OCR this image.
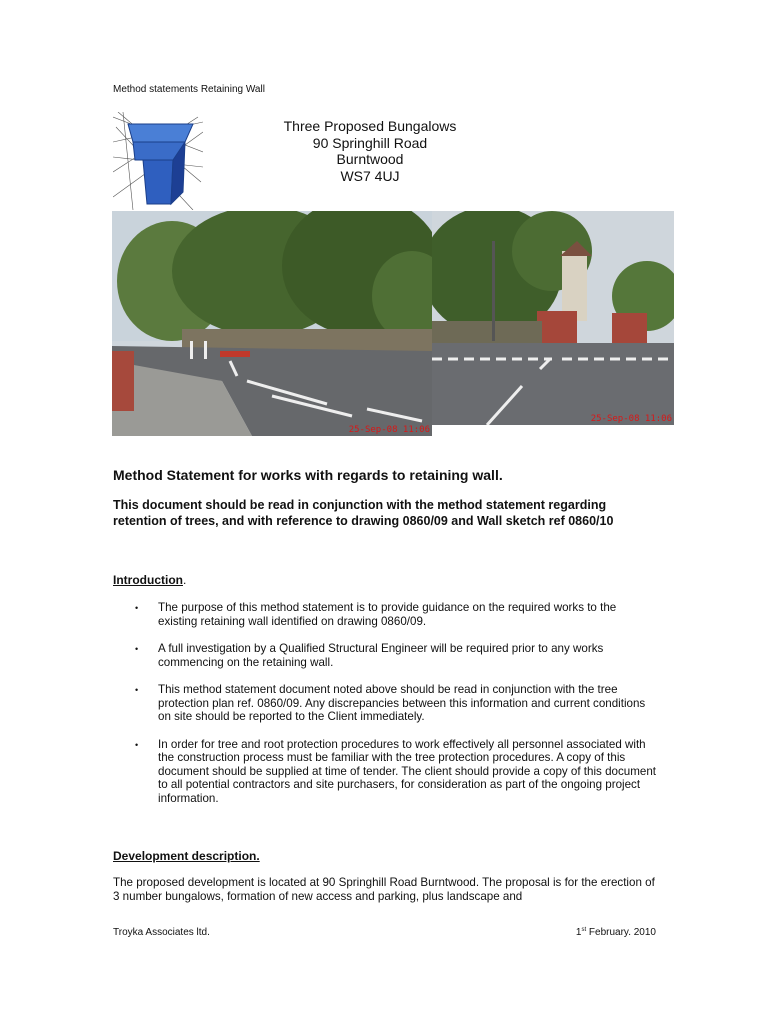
Method statements Retaining Wall
Three Proposed Bungalows
90 Springhill Road
Burntwood
WS7 4UJ
25-Sep-08 11:06
25-Sep-08 11:06
Method Statement for works with regards to retaining wall.
This document should be read in conjunction with the method statement regarding retention of trees, and with reference to drawing 0860/09 and Wall sketch ref 0860/10
Introduction.
• The purpose of this method statement is to provide guidance on the required works to the existing retaining wall identified on drawing 0860/09.
• A full investigation by a Qualified Structural Engineer will be required prior to any works commencing on the retaining wall.
• This method statement document noted above should be read in conjunction with the tree protection plan ref. 0860/09. Any discrepancies between this information and current conditions on site should be reported to the Client immediately.
• In order for tree and root protection procedures to work effectively all personnel associated with the construction process must be familiar with the tree protection procedures. A copy of this document should be supplied at time of tender. The client should provide a copy of this document to all potential contractors and site purchasers, for consideration as part of the ongoing project information.
Development description.
The proposed development is located at 90 Springhill Road Burntwood. The proposal is for the erection of 3 number bungalows, formation of new access and parking, plus landscape and
Troyka Associates ltd.	1st February. 2010
